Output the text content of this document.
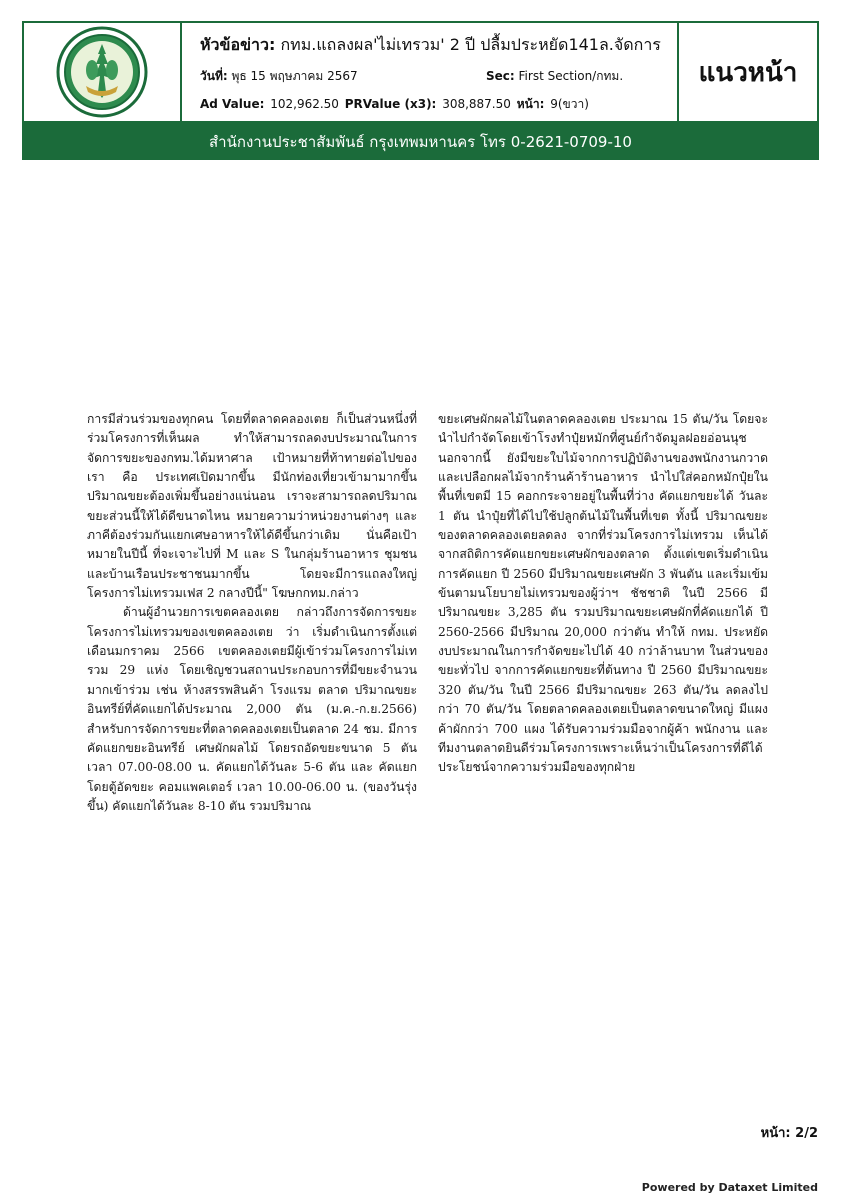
หัวข้อข่าว: กทม.แถลงผล'ไม่เทรวม' 2 ปี ปลื้มประหยัด141ล.จัดการ
วันที่: พุธ 15 พฤษภาคม 2567	Sec: First Section/กทม.
Ad Value: 102,962.50 PRValue (x3): 308,887.50 หน้า: 9(ขวา)
แนวหน้า
สำนักงานประชาสัมพันธ์ กรุงเทพมหานคร โทร 0-2621-0709-10

การมีส่วนร่วมของทุกคน โดยที่ตลาดคลองเตย ก็เป็นส่วนหนึ่งที่ร่วมโครงการที่เห็นผล ทำให้สามารถลดงบประมาณในการจัดการขยะของกทม.ได้มหาศาล เป้าหมายที่ท้าทายต่อไปของเรา คือ ประเทศเปิดมากขึ้น มีนักท่องเที่ยวเข้ามามากขึ้น ปริมาณขยะต้องเพิ่มขึ้นอย่างแน่นอน เราจะสามารถลดปริมาณขยะส่วนนี้ให้ได้ดีขนาดไหน หมายความว่าหน่วยงานต่างๆ และภาคีต้องร่วมกันแยกเศษอาหารให้ได้ดีขึ้นกว่าเดิม นั่นคือเป้าหมายในปีนี้ ที่จะเจาะไปที่ M และ S ในกลุ่มร้านอาหาร ชุมชนและบ้านเรือนประชาชนมากขึ้น โดยจะมีการแถลงใหญ่โครงการไม่เทรวมเฟส 2 กลางปีนี้" โฆษกกทม.กล่าว

ด้านผู้อำนวยการเขตคลองเตย กล่าวถึงการจัดการขยะโครงการไม่เทรวมของเขตคลองเตย ว่า เริ่มดำเนินการตั้งแต่เดือนมกราคม 2566 เขตคลองเตยมีผู้เข้าร่วมโครงการไม่เทรวม 29 แห่ง โดยเชิญชวนสถานประกอบการที่มีขยะจำนวนมากเข้าร่วม เช่น ห้างสรรพสินค้า โรงแรม ตลาด ปริมาณขยะอินทรีย์ที่คัดแยกได้ประมาณ 2,000 ตัน (ม.ค.-ก.ย.2566) สำหรับการจัดการขยะที่ตลาดคลองเตยเป็นตลาด 24 ชม. มีการคัดแยกขยะอินทรีย์ เศษผักผลไม้ โดยรถอัดขยะขนาด 5 ตัน เวลา 07.00-08.00 น. คัดแยกได้วันละ 5-6 ตัน และ คัดแยกโดยตู้อัดขยะ คอมแพคเตอร์ เวลา 10.00-06.00 น. (ของวันรุ่งขึ้น) คัดแยกได้วันละ 8-10 ตัน รวมปริมาณ

ขยะเศษผักผลไม้ในตลาดคลองเตย ประมาณ 15 ตัน/วัน โดยจะนำไปกำจัดโดยเข้าโรงทำปุ๋ยหมักที่ศูนย์กำจัดมูลฝอยอ่อนนุช นอกจากนี้ ยังมีขยะใบไม้จากการปฏิบัติงานของพนักงานกวาด และเปลือกผลไม้จากร้านค้าร้านอาหาร นำไปใส่คอกหมักปุ๋ยในพื้นที่เขตมี 15 คอกกระจายอยู่ในพื้นที่ว่าง คัดแยกขยะได้ วันละ 1 ตัน นำปุ๋ยที่ได้ไปใช้ปลูกต้นไม้ในพื้นที่เขต ทั้งนี้ ปริมาณขยะของตลาดคลองเตยลดลง จากที่ร่วมโครงการไม่เทรวม เห็นได้จากสถิติการคัดแยกขยะเศษผักของตลาด ตั้งแต่เขตเริ่มดำเนินการคัดแยก ปี 2560 มีปริมาณขยะเศษผัก 3 พันตัน และเริ่มเข้มข้นตามนโยบายไม่เทรวมของผู้ว่าฯ ชัชชาติ ในปี 2566 มีปริมาณขยะ 3,285 ตัน รวมปริมาณขยะเศษผักที่คัดแยกได้ ปี 2560-2566 มีปริมาณ 20,000 กว่าตัน ทำให้ กทม. ประหยัดงบประมาณในการกำจัดขยะไปได้ 40 กว่าล้านบาท ในส่วนของขยะทั่วไป จากการคัดแยกขยะที่ต้นทาง ปี 2560 มีปริมาณขยะ 320 ตัน/วัน ในปี 2566 มีปริมาณขยะ 263 ตัน/วัน ลดลงไปกว่า 70 ตัน/วัน โดยตลาดคลองเตยเป็นตลาดขนาดใหญ่ มีแผงค้าผักกว่า 700 แผง ได้รับความร่วมมือจากผู้ค้า พนักงาน และทีมงานตลาดยินดีร่วมโครงการเพราะเห็นว่าเป็นโครงการที่ดีได้ประโยชน์จากความร่วมมือของทุกฝ่าย

หน้า: 2/2
Powered by Dataxet Limited
